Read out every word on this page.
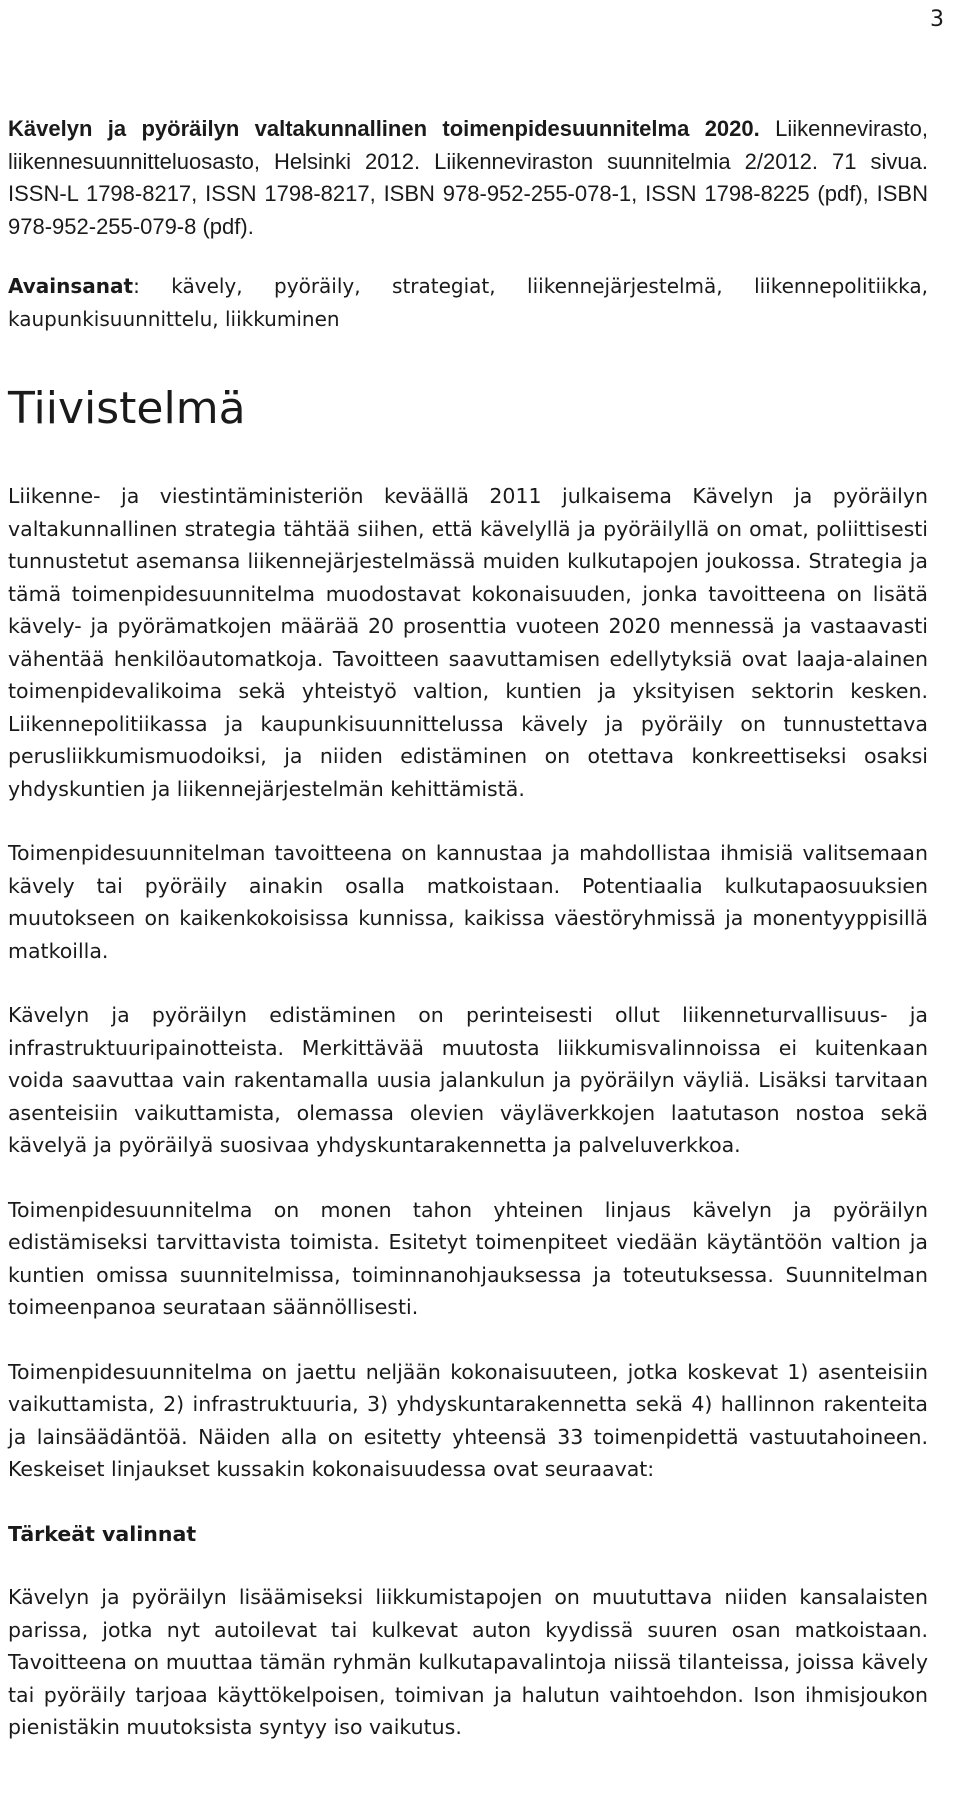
3

Kävelyn ja pyöräilyn valtakunnallinen toimenpidesuunnitelma 2020. Liikennevirasto, liikennesuunnitteluosasto, Helsinki 2012. Liikenneviraston suunnitelmia 2/2012. 71 sivua. ISSN-L 1798-8217, ISSN 1798-8217, ISBN 978-952-255-078-1, ISSN 1798-8225 (pdf), ISBN 978-952-255-079-8 (pdf).

Avainsanat: kävely, pyöräily, strategiat, liikennejärjestelmä, liikennepolitiikka, kaupunkisuunnittelu, liikkuminen

Tiivistelmä

Liikenne- ja viestintäministeriön keväällä 2011 julkaisema Kävelyn ja pyöräilyn valtakunnallinen strategia tähtää siihen, että kävelyllä ja pyöräilyllä on omat, poliittisesti tunnustetut asemansa liikennejärjestelmässä muiden kulkutapojen joukossa. Strategia ja tämä toimenpidesuunnitelma muodostavat kokonaisuuden, jonka tavoitteena on lisätä kävely- ja pyörämatkojen määrää 20 prosenttia vuoteen 2020 mennessä ja vastaavasti vähentää henkilöautomatkoja. Tavoitteen saavuttamisen edellytyksiä ovat laaja-alainen toimenpidevalikoima sekä yhteistyö valtion, kuntien ja yksityisen sektorin kesken. Liikennepolitiikassa ja kaupunkisuunnittelussa kävely ja pyöräily on tunnustettava perusliikkumismuodoiksi, ja niiden edistäminen on otettava konkreettiseksi osaksi yhdyskuntien ja liikennejärjestelmän kehittämistä.

Toimenpidesuunnitelman tavoitteena on kannustaa ja mahdollistaa ihmisiä valitsemaan kävely tai pyöräily ainakin osalla matkoistaan. Potentiaalia kulkutapaosuuksien muutokseen on kaikenkokoisissa kunnissa, kaikissa väestöryhmissä ja monentyyppisillä matkoilla.

Kävelyn ja pyöräilyn edistäminen on perinteisesti ollut liikenneturvallisuus- ja infrastruktuuripainotteista. Merkittävää muutosta liikkumisvalinnoissa ei kuitenkaan voida saavuttaa vain rakentamalla uusia jalankulun ja pyöräilyn väyliä. Lisäksi tarvitaan asenteisiin vaikuttamista, olemassa olevien väyläverkkojen laatutason nostoa sekä kävelyä ja pyöräilyä suosivaa yhdyskuntarakennetta ja palveluverkkoa.

Toimenpidesuunnitelma on monen tahon yhteinen linjaus kävelyn ja pyöräilyn edistämiseksi tarvittavista toimista. Esitetyt toimenpiteet viedään käytäntöön valtion ja kuntien omissa suunnitelmissa, toiminnanohjauksessa ja toteutuksessa. Suunnitelman toimeenpanoa seurataan säännöllisesti.

Toimenpidesuunnitelma on jaettu neljään kokonaisuuteen, jotka koskevat 1) asenteisiin vaikuttamista, 2) infrastruktuuria, 3) yhdyskuntarakennetta sekä 4) hallinnon rakenteita ja lainsäädäntöä. Näiden alla on esitetty yhteensä 33 toimenpidettä vastuutahoineen. Keskeiset linjaukset kussakin kokonaisuudessa ovat seuraavat:

Tärkeät valinnat

Kävelyn ja pyöräilyn lisäämiseksi liikkumistapojen on muututtava niiden kansalaisten parissa, jotka nyt autoilevat tai kulkevat auton kyydissä suuren osan matkoistaan. Tavoitteena on muuttaa tämän ryhmän kulkutapavalintoja niissä tilanteissa, joissa kävely tai pyöräily tarjoaa käyttökelpoisen, toimivan ja halutun vaihtoehdon. Ison ihmisjoukon pienistäkin muutoksista syntyy iso vaikutus.
